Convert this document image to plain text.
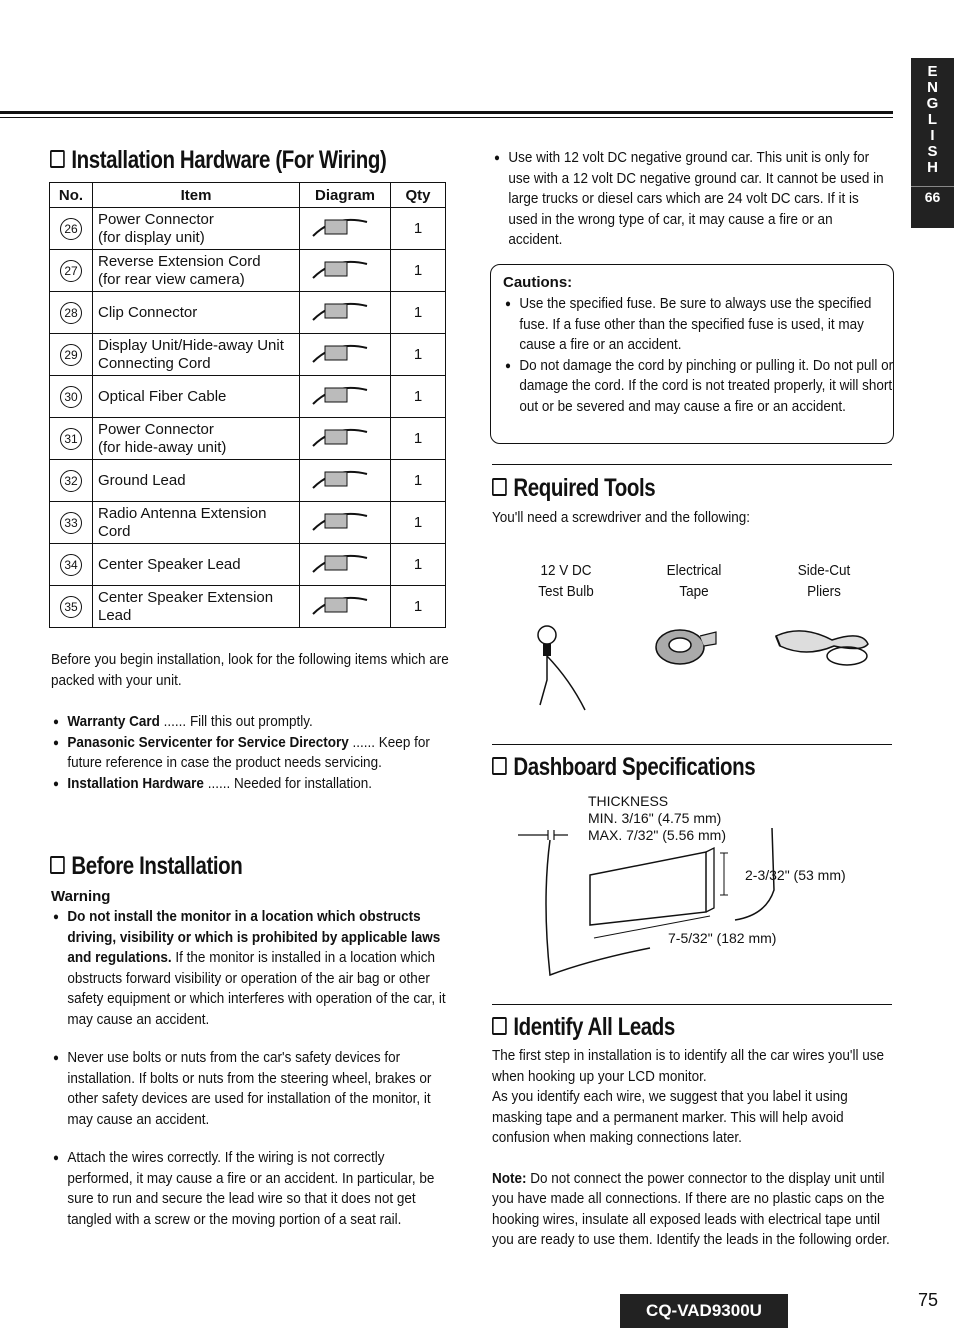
E
N
G
L
I
S
H
66
Installation Hardware (For Wiring)
No.	Item	Diagram	Qty
26	Power Connector
(for display unit)		1
27	Reverse Extension Cord
(for rear view camera)		1
28	Clip Connector		1
29	Display Unit/Hide-away Unit
Connecting Cord		1
30	Optical Fiber Cable		1
31	Power Connector
(for hide-away unit)		1
32	Ground Lead		1
33	Radio Antenna Extension
Cord		1
34	Center Speaker Lead		1
35	Center Speaker Extension
Lead		1
Before you begin installation, look for the following items which are packed with your unit.
● Warranty Card ...... Fill this out promptly.
● Panasonic Servicenter for Service Directory ...... Keep for future reference in case the product needs servicing.
● Installation Hardware ...... Needed for installation.
Before Installation
Warning
● Do not install the monitor in a location which obstructs driving, visibility or which is prohibited by applicable laws and regulations. If the monitor is installed in a location which obstructs forward visibility or operation of the air bag or other safety equipment or which interferes with operation of the car, it may cause an accident.
● Never use bolts or nuts from the car's safety devices for installation. If bolts or nuts from the steering wheel, brakes or other safety devices are used for installation of the monitor, it may cause an accident.
● Attach the wires correctly. If the wiring is not correctly performed, it may cause a fire or an accident. In particular, be sure to run and secure the lead wire so that it does not get tangled with a screw or the moving portion of a seat rail.
● Use with 12 volt DC negative ground car. This unit is only for use with a 12 volt DC negative ground car. It cannot be used in large trucks or diesel cars which are 24 volt DC cars. If it is used in the wrong type of car, it may cause a fire or an accident.
Cautions:
● Use the specified fuse. Be sure to always use the specified fuse. If a fuse other than the specified fuse is used, it may cause a fire or an accident.
● Do not damage the cord by pinching or pulling it. Do not pull or damage the cord. If the cord is not treated properly, it will short out or be severed and may cause a fire or an accident.
Required Tools
You'll need a screwdriver and the following:
12 V DC
Test Bulb
Electrical
Tape
Side-Cut
Pliers
Dashboard Specifications
THICKNESS
MIN. 3/16" (4.75 mm)
MAX. 7/32" (5.56 mm)
2-3/32" (53 mm)
7-5/32" (182 mm)
Identify All Leads
The first step in installation is to identify all the car wires you'll use when hooking up your LCD monitor.
As you identify each wire, we suggest that you label it using masking tape and a permanent marker. This will help avoid confusion when making connections later.
Note: Do not connect the power connector to the display unit until you have made all connections. If there are no plastic caps on the hooking wires, insulate all exposed leads with electrical tape until you are ready to use them. Identify the leads in the following order.
CQ-VAD9300U
75
